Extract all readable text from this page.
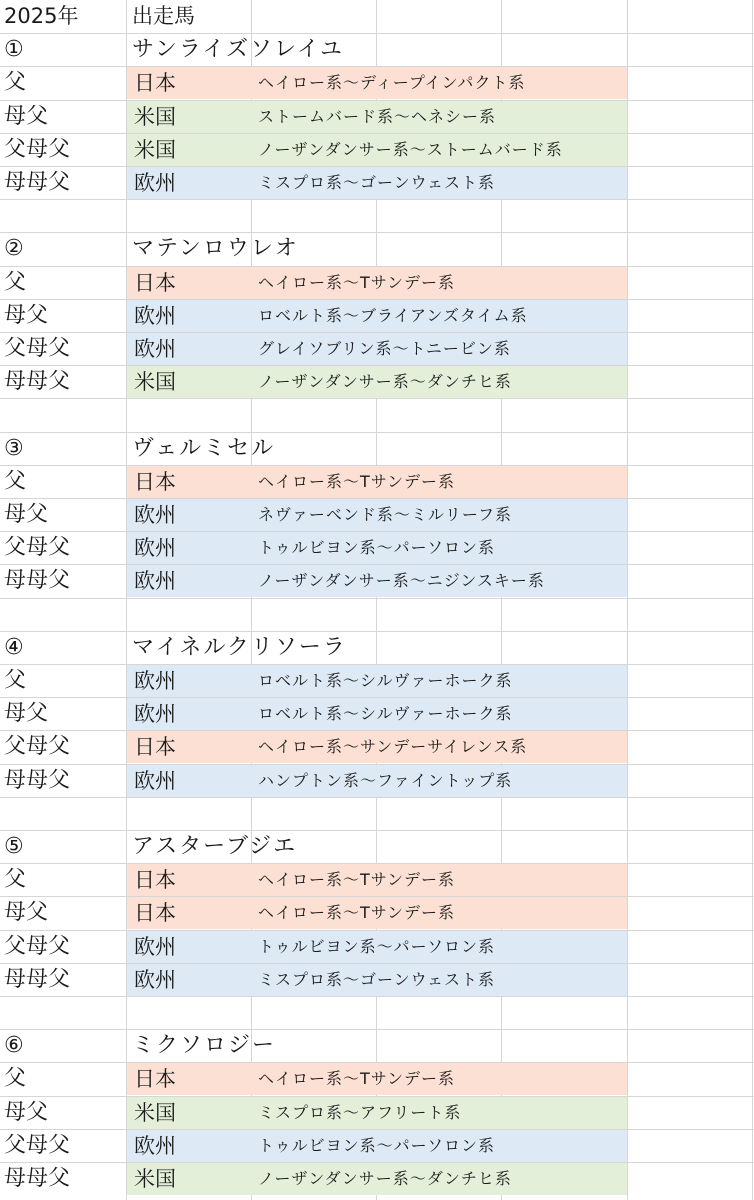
2025年	出走馬
①	サンライズソレイユ
父	日本	ヘイロー系～ディープインパクト系
母父	米国	ストームバード系～ヘネシー系
父母父	米国	ノーザンダンサー系～ストームバード系
母母父	欧州	ミスプロ系～ゴーンウェスト系
②	マテンロウレオ
父	日本	ヘイロー系～Tサンデー系
母父	欧州	ロベルト系～ブライアンズタイム系
父母父	欧州	グレイソブリン系～トニービン系
母母父	米国	ノーザンダンサー系～ダンチヒ系
③	ヴェルミセル
父	日本	ヘイロー系～Tサンデー系
母父	欧州	ネヴァーベンド系～ミルリーフ系
父母父	欧州	トゥルビヨン系～パーソロン系
母母父	欧州	ノーザンダンサー系～ニジンスキー系
④	マイネルクリソーラ
父	欧州	ロベルト系～シルヴァーホーク系
母父	欧州	ロベルト系～シルヴァーホーク系
父母父	日本	ヘイロー系～サンデーサイレンス系
母母父	欧州	ハンプトン系～ファイントップ系
⑤	アスターブジエ
父	日本	ヘイロー系～Tサンデー系
母父	日本	ヘイロー系～Tサンデー系
父母父	欧州	トゥルビヨン系～パーソロン系
母母父	欧州	ミスプロ系～ゴーンウェスト系
⑥	ミクソロジー
父	日本	ヘイロー系～Tサンデー系
母父	米国	ミスプロ系～アフリート系
父母父	欧州	トゥルビヨン系～パーソロン系
母母父	米国	ノーザンダンサー系～ダンチヒ系
